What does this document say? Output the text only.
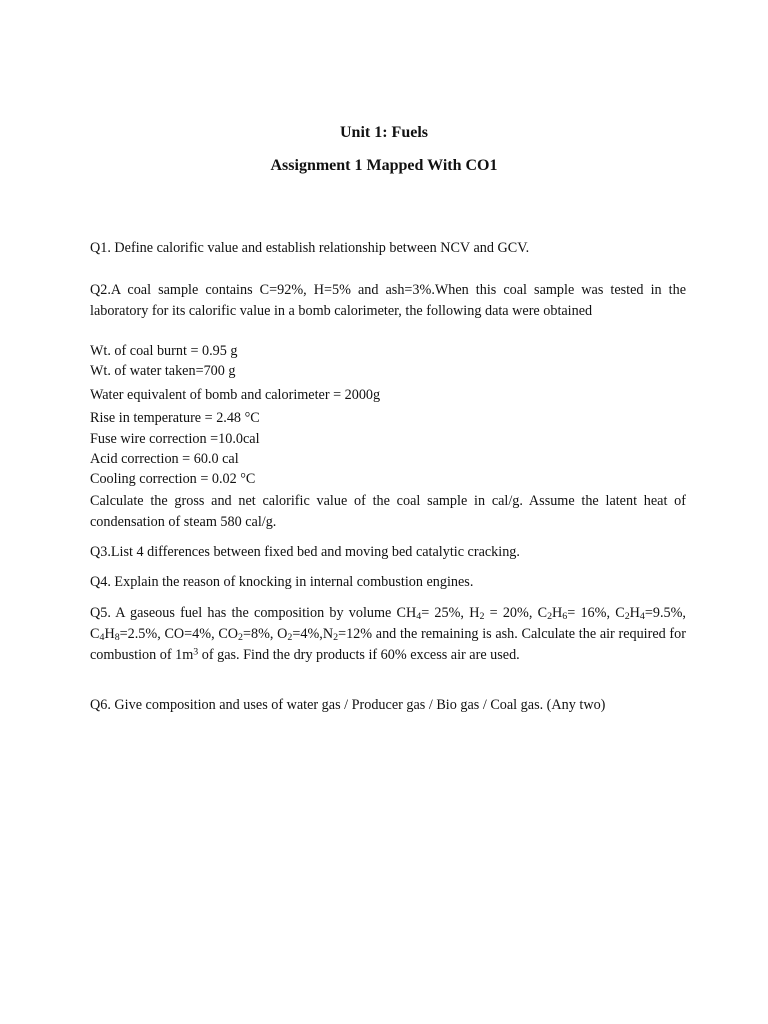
Unit 1: Fuels
Assignment 1 Mapped With CO1

Q1. Define calorific value and establish relationship between NCV and GCV.

Q2.A coal sample contains C=92%, H=5% and ash=3%.When this coal sample was tested in the laboratory for its calorific value in a bomb calorimeter, the following data were obtained

Wt. of coal burnt = 0.95 g
Wt. of water taken=700 g
Water equivalent of bomb and calorimeter = 2000g
Rise in temperature = 2.48 °C
Fuse wire correction =10.0cal
Acid correction = 60.0 cal
Cooling correction = 0.02 °C

Calculate the gross and net calorific value of the coal sample in cal/g. Assume the latent heat of condensation of steam 580 cal/g.

Q3.List 4 differences between fixed bed and moving bed catalytic cracking.

Q4. Explain the reason of knocking in internal combustion engines.

Q5. A gaseous fuel has the composition by volume $CH_4= 25\%$, $H_2 = 20\%$, $C_2H_6= 16\%$, $C_2H_4=9.5\%$, $C_4H_8=2.5\%$, CO=4%, $CO_2=8\%$, $O_2=4\%,N_2=12\%$ and the remaining is ash. Calculate the air required for combustion of $1m^3$ of gas. Find the dry products if 60% excess air are used.

Q6. Give composition and uses of water gas / Producer gas / Bio gas / Coal gas. (Any two)
